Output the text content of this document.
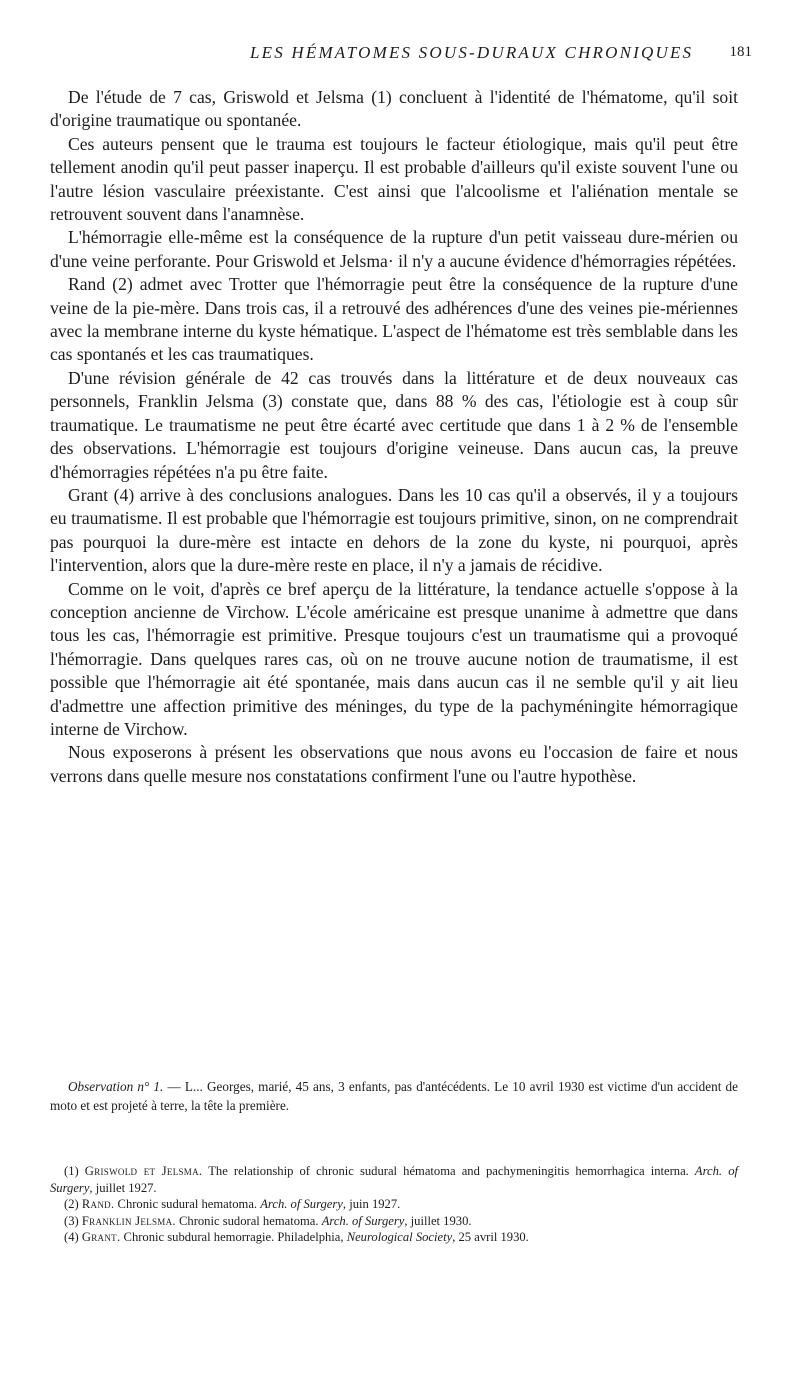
LES HÉMATOMES SOUS-DURAUX CHRONIQUES 181

De l'étude de 7 cas, Griswold et Jelsma (1) concluent à l'identité de l'hématome, qu'il soit d'origine traumatique ou spontanée.

Ces auteurs pensent que le trauma est toujours le facteur étiologique, mais qu'il peut être tellement anodin qu'il peut passer inaperçu. Il est probable d'ailleurs qu'il existe souvent l'une ou l'autre lésion vasculaire préexistante. C'est ainsi que l'alcoolisme et l'aliénation mentale se retrouvent souvent dans l'anamnèse.

L'hémorragie elle-même est la conséquence de la rupture d'un petit vaisseau dure-mérien ou d'une veine perforante. Pour Griswold et Jelsma· il n'y a aucune évidence d'hémorragies répétées.

Rand (2) admet avec Trotter que l'hémorragie peut être la conséquence de la rupture d'une veine de la pie-mère. Dans trois cas, il a retrouvé des adhérences d'une des veines pie-mériennes avec la membrane interne du kyste hématique. L'aspect de l'hématome est très semblable dans les cas spontanés et les cas traumatiques.

D'une révision générale de 42 cas trouvés dans la littérature et de deux nouveaux cas personnels, Franklin Jelsma (3) constate que, dans 88 % des cas, l'étiologie est à coup sûr traumatique. Le traumatisme ne peut être écarté avec certitude que dans 1 à 2 % de l'ensemble des observations. L'hémorragie est toujours d'origine veineuse. Dans aucun cas, la preuve d'hémorragies répétées n'a pu être faite.

Grant (4) arrive à des conclusions analogues. Dans les 10 cas qu'il a observés, il y a toujours eu traumatisme. Il est probable que l'hémorragie est toujours primitive, sinon, on ne comprendrait pas pourquoi la dure-mère est intacte en dehors de la zone du kyste, ni pourquoi, après l'intervention, alors que la dure-mère reste en place, il n'y a jamais de récidive.

Comme on le voit, d'après ce bref aperçu de la littérature, la tendance actuelle s'oppose à la conception ancienne de Virchow. L'école américaine est presque unanime à admettre que dans tous les cas, l'hémorragie est primitive. Presque toujours c'est un traumatisme qui a provoqué l'hémorragie. Dans quelques rares cas, où on ne trouve aucune notion de traumatisme, il est possible que l'hémorragie ait été spontanée, mais dans aucun cas il ne semble qu'il y ait lieu d'admettre une affection primitive des méninges, du type de la pachyméningite hémorragique interne de Virchow.

Nous exposerons à présent les observations que nous avons eu l'occasion de faire et nous verrons dans quelle mesure nos constatations confirment l'une ou l'autre hypothèse.

Observation n° 1. — L... Georges, marié, 45 ans, 3 enfants, pas d'antécédents. Le 10 avril 1930 est victime d'un accident de moto et est projeté à terre, la tête la première.

(1) Griswold et Jelsma. The relationship of chronic sudural hématoma and pachymeningitis hemorrhagica interna. Arch. of Surgery, juillet 1927.

(2) Rand. Chronic sudural hematoma. Arch. of Surgery, juin 1927.

(3) Franklin Jelsma. Chronic sudoral hematoma. Arch. of Surgery, juillet 1930.

(4) Grant. Chronic subdural hemorragie. Philadelphia, Neurological Society, 25 avril 1930.
